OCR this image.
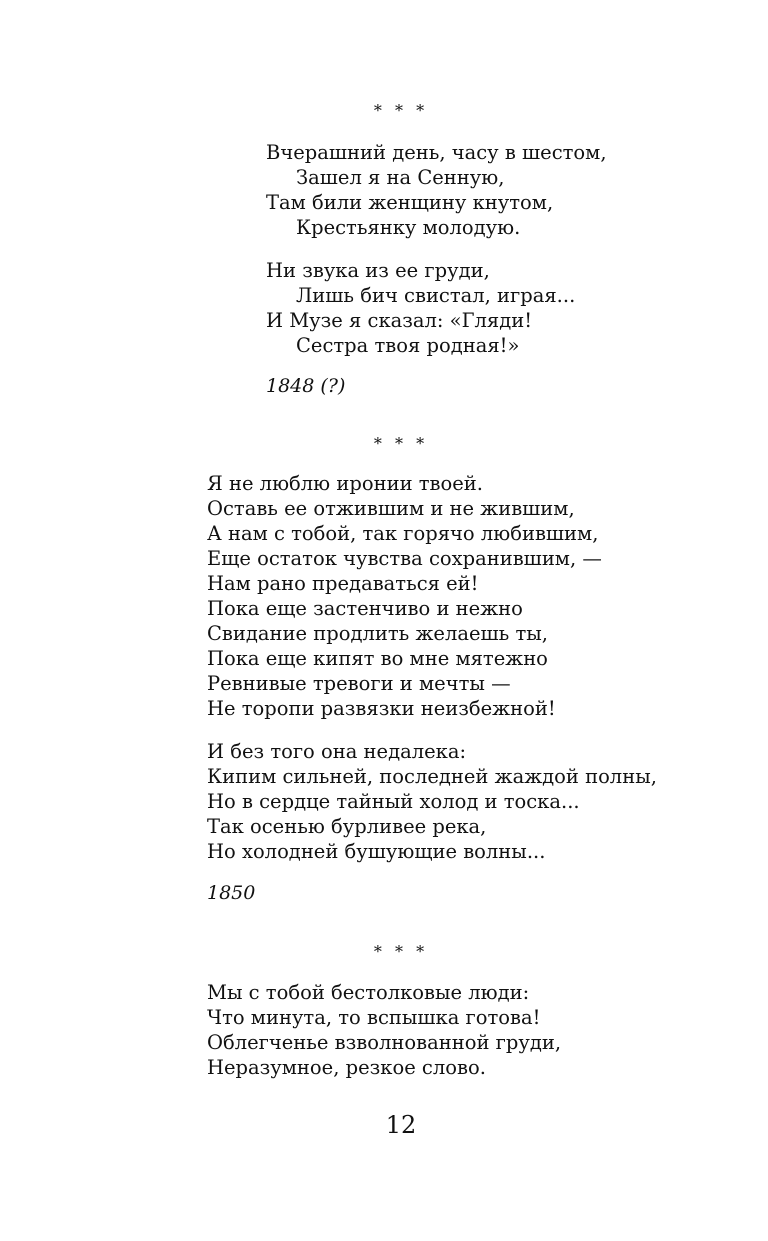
* * *
Вчерашний день, часу в шестом,
Зашел я на Сенную,
Там били женщину кнутом,
Крестьянку молодую.
Ни звука из ее груди,
Лишь бич свистал, играя...
И Музе я сказал: «Гляди!
Сестра твоя родная!»
1848 (?)
* * *
Я не люблю иронии твоей.
Оставь ее отжившим и не жившим,
А нам с тобой, так горячо любившим,
Еще остаток чувства сохранившим, —
Нам рано предаваться ей!
Пока еще застенчиво и нежно
Свидание продлить желаешь ты,
Пока еще кипят во мне мятежно
Ревнивые тревоги и мечты —
Не торопи развязки неизбежной!
И без того она недалека:
Кипим сильней, последней жаждой полны,
Но в сердце тайный холод и тоска...
Так осенью бурливее река,
Но холодней бушующие волны...
1850
* * *
Мы с тобой бестолковые люди:
Что минута, то вспышка готова!
Облегченье взволнованной груди,
Неразумное, резкое слово.
12
